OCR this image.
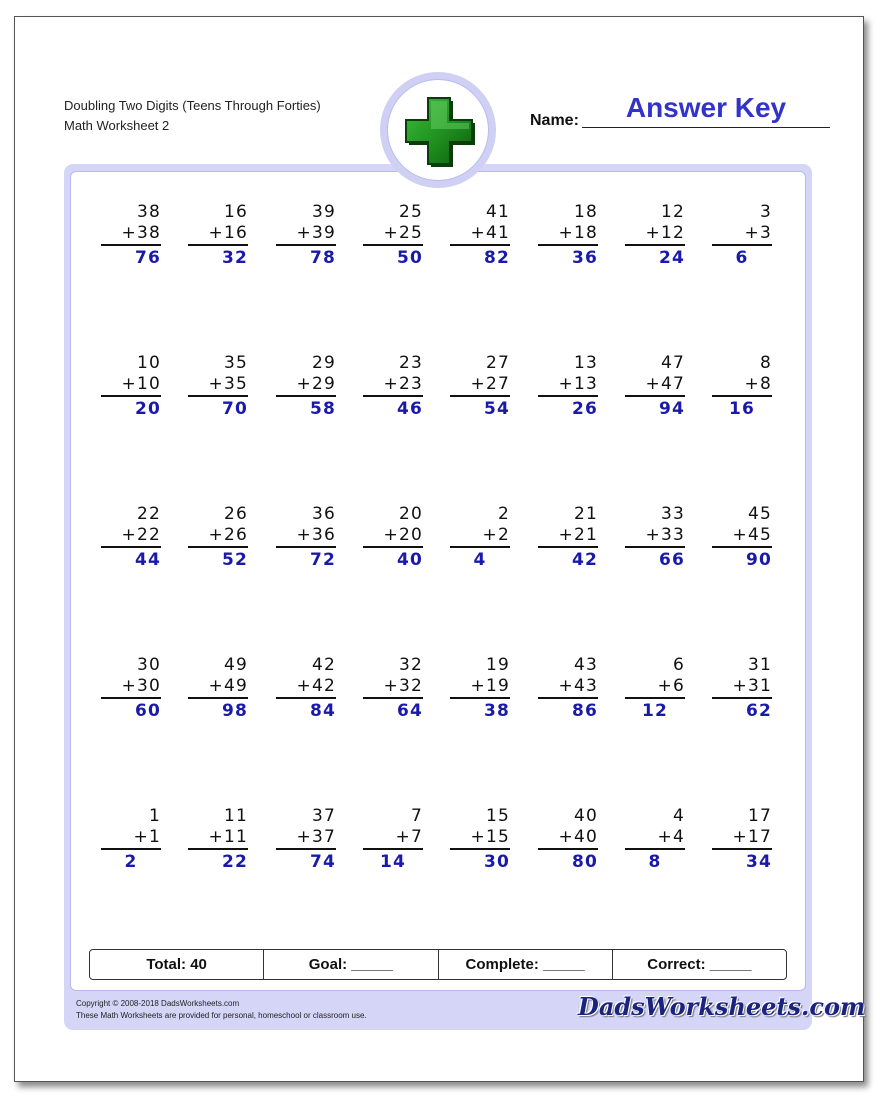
Doubling Two Digits (Teens Through Forties)
Math Worksheet 2	Name:	Answer Key
38
+38
76
16
+16
32
39
+39
78
25
+25
50
41
+41
82
18
+18
36
12
+12
24
3
+3
6
10
+10
20
35
+35
70
29
+29
58
23
+23
46
27
+27
54
13
+13
26
47
+47
94
8
+8
16
22
+22
44
26
+26
52
36
+36
72
20
+20
40
2
+2
4
21
+21
42
33
+33
66
45
+45
90
30
+30
60
49
+49
98
42
+42
84
32
+32
64
19
+19
38
43
+43
86
6
+6
12
31
+31
62
1
+1
2
11
+11
22
37
+37
74
7
+7
14
15
+15
30
40
+40
80
4
+4
8
17
+17
34
Total: 40	Goal: _____	Complete: _____	Correct: _____
Copyright © 2008-2018 DadsWorksheets.com
These Math Worksheets are provided for personal, homeschool or classroom use.	DadsWorksheets.com
